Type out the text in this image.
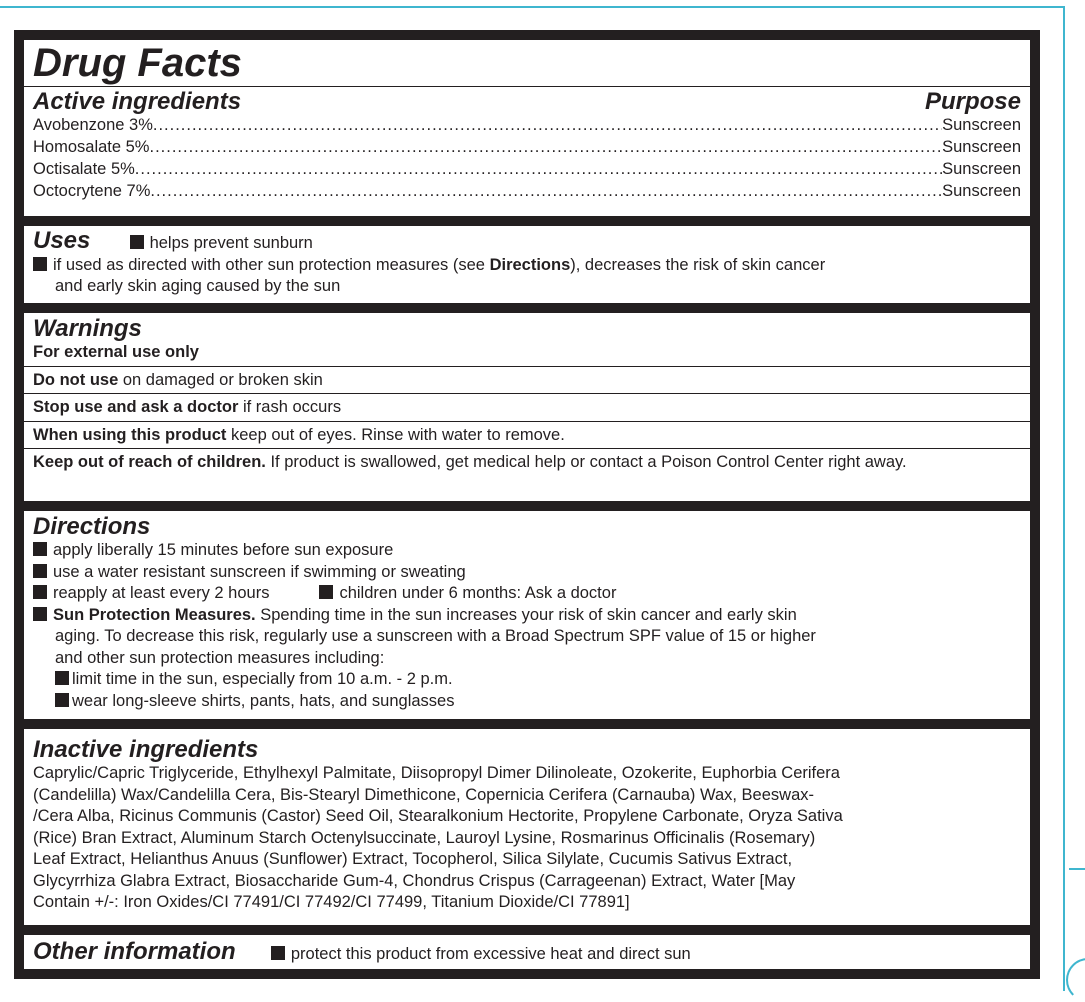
Drug Facts
Active ingredients	Purpose
Avobenzone 3% .....	Sunscreen
Homosalate 5% .....	Sunscreen
Octisalate 5% .....	Sunscreen
Octocrytene 7% .....	Sunscreen
Uses	helps prevent sunburn
if used as directed with other sun protection measures (see Directions), decreases the risk of skin cancer
and early skin aging caused by the sun
Warnings
For external use only
Do not use on damaged or broken skin
Stop use and ask a doctor if rash occurs
When using this product keep out of eyes. Rinse with water to remove.
Keep out of reach of children. If product is swallowed, get medical help or contact a Poison Control Center right away.
Directions
apply liberally 15 minutes before sun exposure
use a water resistant sunscreen if swimming or sweating
reapply at least every 2 hours	children under 6 months: Ask a doctor
Sun Protection Measures. Spending time in the sun increases your risk of skin cancer and early skin
aging. To decrease this risk, regularly use a sunscreen with a Broad Spectrum SPF value of 15 or higher
and other sun protection measures including:
limit time in the sun, especially from 10 a.m. - 2 p.m.
wear long-sleeve shirts, pants, hats, and sunglasses
Inactive ingredients
Caprylic/Capric Triglyceride, Ethylhexyl Palmitate, Diisopropyl Dimer Dilinoleate, Ozokerite, Euphorbia Cerifera
(Candelilla) Wax/Candelilla Cera, Bis-Stearyl Dimethicone, Copernicia Cerifera (Carnauba) Wax, Beeswax-
/Cera Alba, Ricinus Communis (Castor) Seed Oil, Stearalkonium Hectorite, Propylene Carbonate, Oryza Sativa
(Rice) Bran Extract, Aluminum Starch Octenylsuccinate, Lauroyl Lysine, Rosmarinus Officinalis (Rosemary)
Leaf Extract, Helianthus Anuus (Sunflower) Extract, Tocopherol, Silica Silylate, Cucumis Sativus Extract,
Glycyrrhiza Glabra Extract, Biosaccharide Gum-4, Chondrus Crispus (Carrageenan) Extract, Water [May
Contain +/-: Iron Oxides/CI 77491/CI 77492/CI 77499, Titanium Dioxide/CI 77891]
Other information	protect this product from excessive heat and direct sun
